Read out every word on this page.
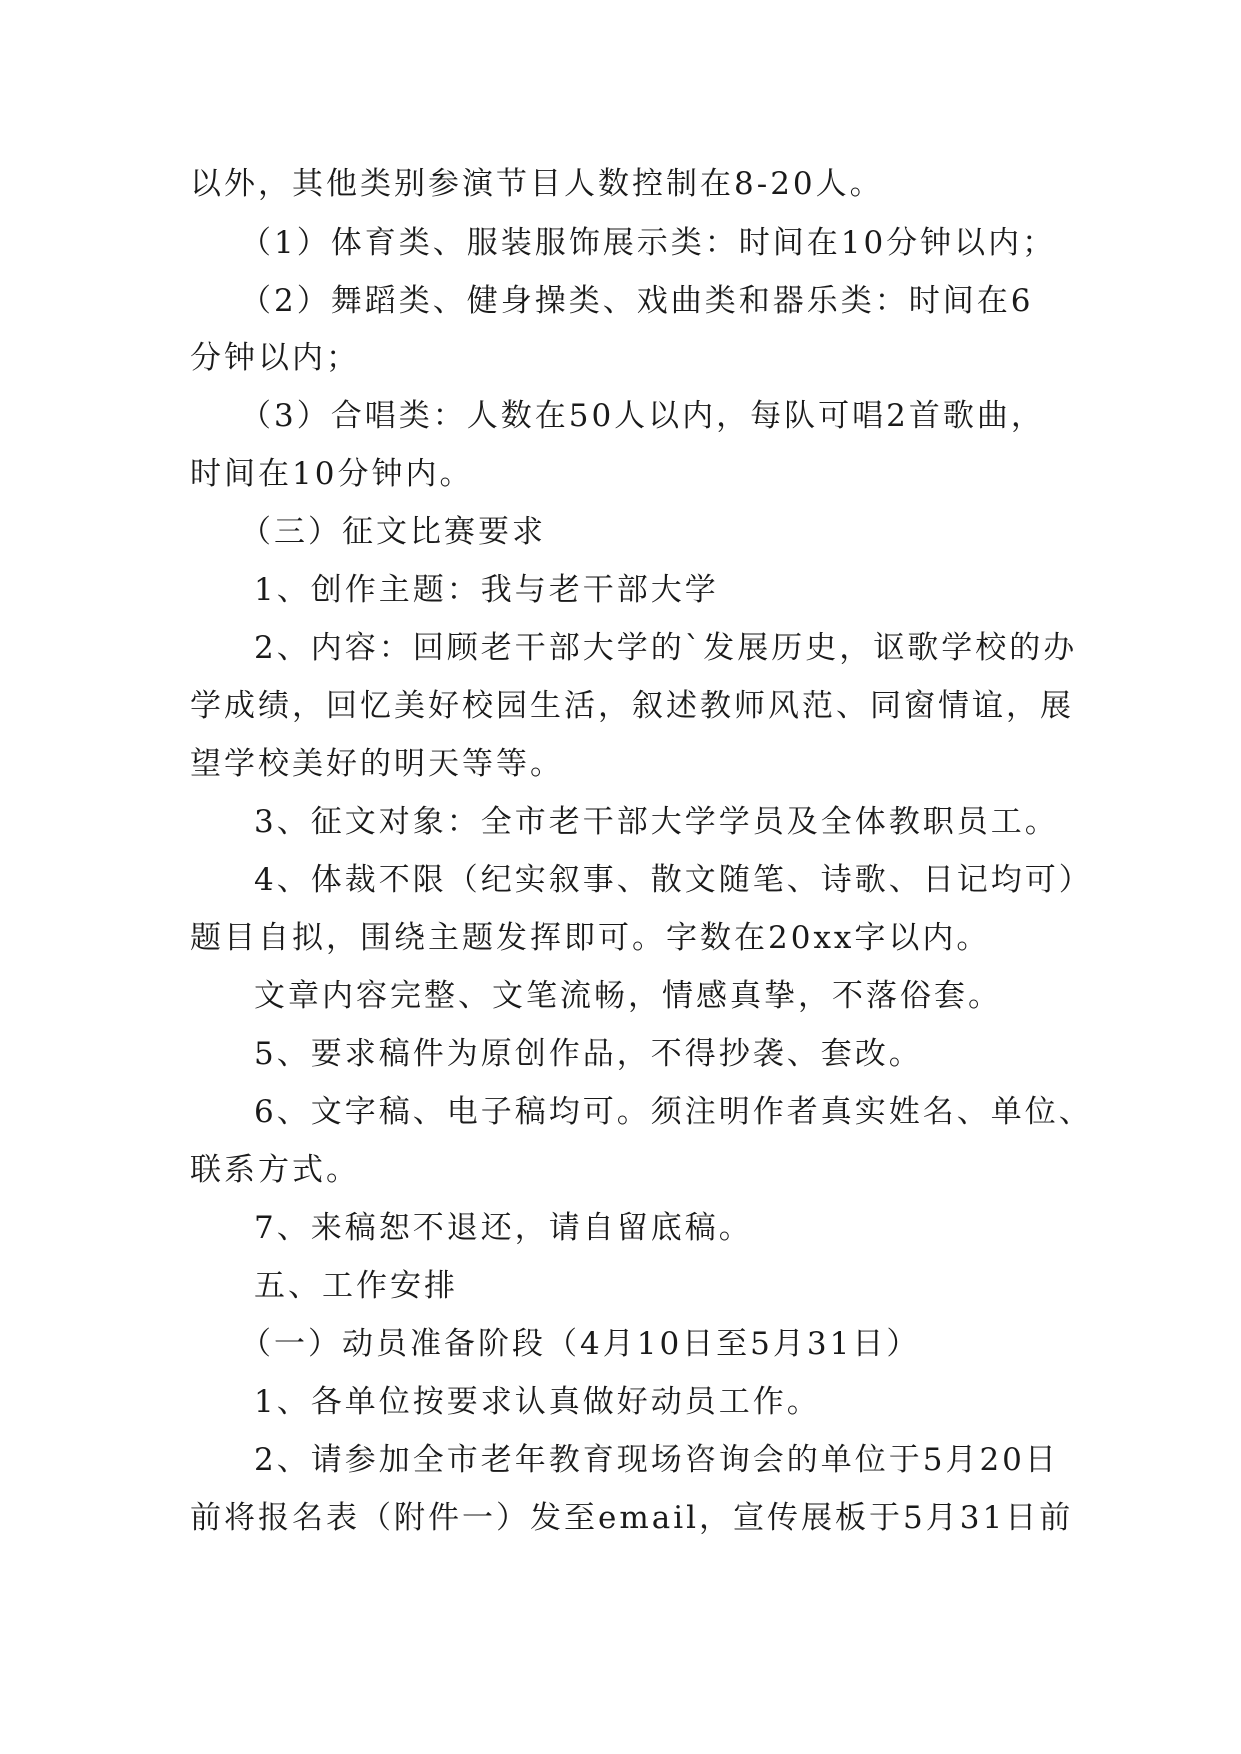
以外，其他类别参演节目人数控制在8-20人。
（1）体育类、服装服饰展示类：时间在10分钟以内；
（2）舞蹈类、健身操类、戏曲类和器乐类：时间在6
分钟以内；
（3）合唱类：人数在50人以内，每队可唱2首歌曲，
时间在10分钟内。
（三）征文比赛要求
1、创作主题：我与老干部大学
2、内容：回顾老干部大学的`发展历史，讴歌学校的办
学成绩，回忆美好校园生活，叙述教师风范、同窗情谊，展
望学校美好的明天等等。
3、征文对象：全市老干部大学学员及全体教职员工。
4、体裁不限（纪实叙事、散文随笔、诗歌、日记均可）
题目自拟，围绕主题发挥即可。字数在20xx字以内。
文章内容完整、文笔流畅，情感真挚，不落俗套。
5、要求稿件为原创作品，不得抄袭、套改。
6、文字稿、电子稿均可。须注明作者真实姓名、单位、
联系方式。
7、来稿恕不退还，请自留底稿。
五、工作安排
（一）动员准备阶段（4月10日至5月31日）
1、各单位按要求认真做好动员工作。
2、请参加全市老年教育现场咨询会的单位于5月20日
前将报名表（附件一）发至email，宣传展板于5月31日前
